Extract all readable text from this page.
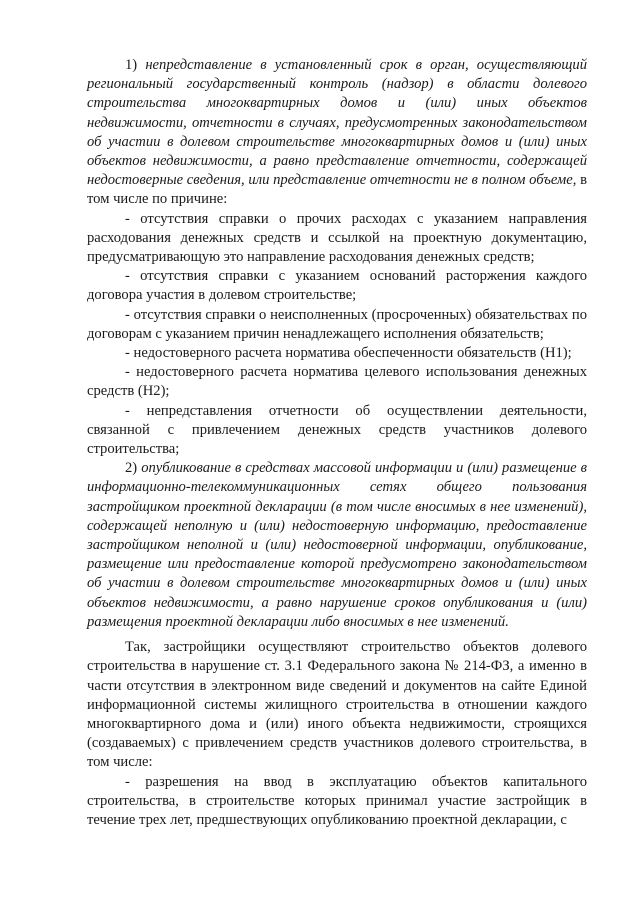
1) непредставление в установленный срок в орган, осуществляющий региональный государственный контроль (надзор) в области долевого строительства многоквартирных домов и (или) иных объектов недвижимости, отчетности в случаях, предусмотренных законодательством об участии в долевом строительстве многоквартирных домов и (или) иных объектов недвижимости, а равно представление отчетности, содержащей недостоверные сведения, или представление отчетности не в полном объеме, в том числе по причине:

- отсутствия справки о прочих расходах с указанием направления расходования денежных средств и ссылкой на проектную документацию, предусматривающую это направление расходования денежных средств;

- отсутствия справки с указанием оснований расторжения каждого договора участия в долевом строительстве;

- отсутствия справки о неисполненных (просроченных) обязательствах по договорам с указанием причин ненадлежащего исполнения обязательств;

- недостоверного расчета норматива обеспеченности обязательств (Н1);

- недостоверного расчета норматива целевого использования денежных средств (Н2);

- непредставления отчетности об осуществлении деятельности, связанной с привлечением денежных средств участников долевого строительства;

2) опубликование в средствах массовой информации и (или) размещение в информационно-телекоммуникационных сетях общего пользования застройщиком проектной декларации (в том числе вносимых в нее изменений), содержащей неполную и (или) недостоверную информацию, предоставление застройщиком неполной и (или) недостоверной информации, опубликование, размещение или предоставление которой предусмотрено законодательством об участии в долевом строительстве многоквартирных домов и (или) иных объектов недвижимости, а равно нарушение сроков опубликования и (или) размещения проектной декларации либо вносимых в нее изменений.

Так, застройщики осуществляют строительство объектов долевого строительства в нарушение ст. 3.1 Федерального закона № 214-ФЗ, а именно в части отсутствия в электронном виде сведений и документов на сайте Единой информационной системы жилищного строительства в отношении каждого многоквартирного дома и (или) иного объекта недвижимости, строящихся (создаваемых) с привлечением средств участников долевого строительства, в том числе:

- разрешения на ввод в эксплуатацию объектов капитального строительства, в строительстве которых принимал участие застройщик в течение трех лет, предшествующих опубликованию проектной декларации, с
